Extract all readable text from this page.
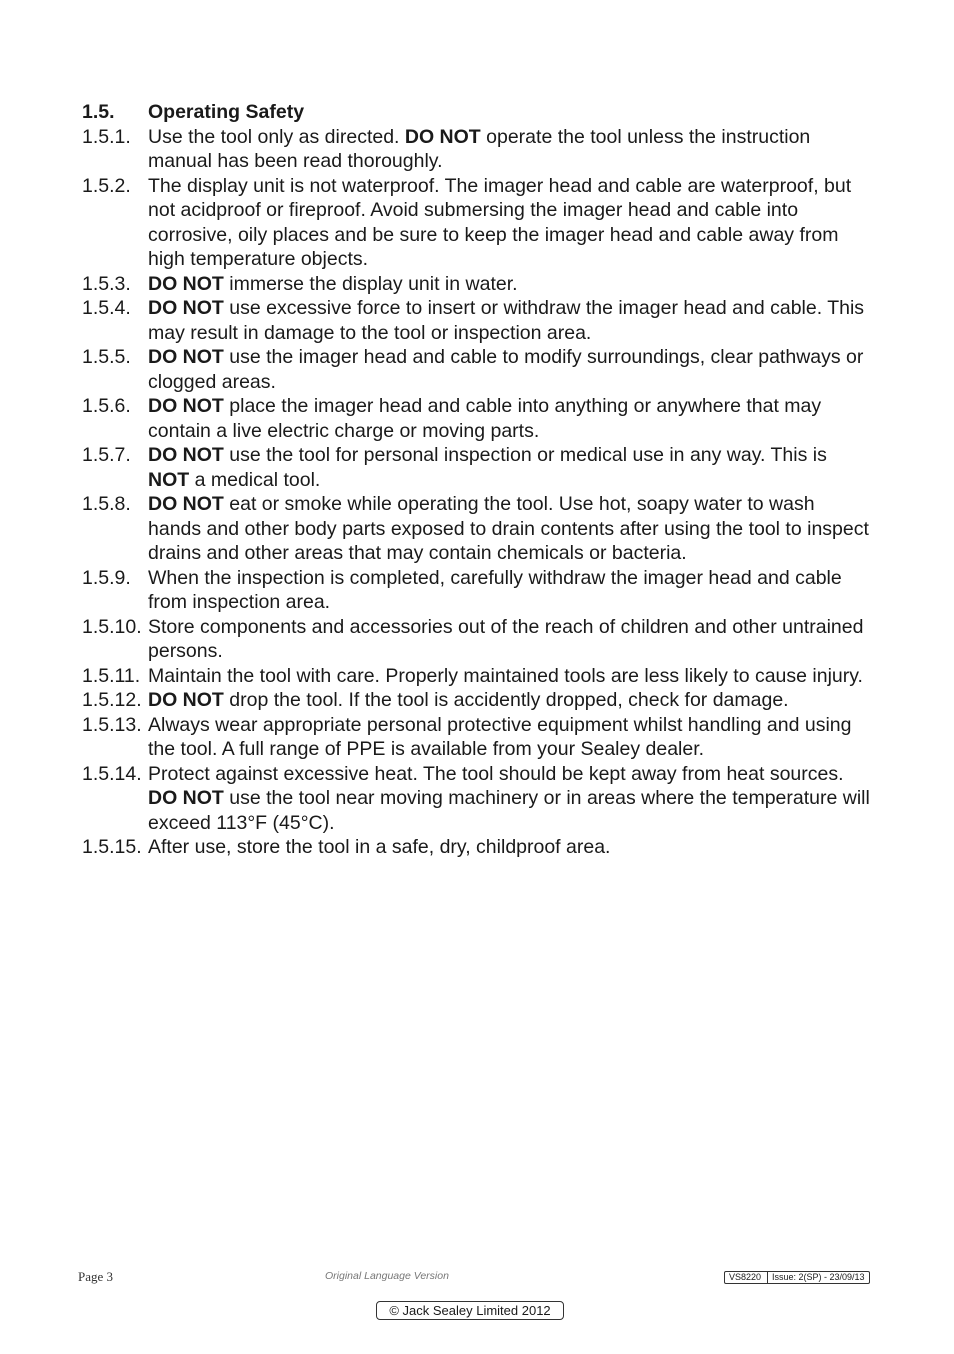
1.5.	Operating Safety
1.5.1. Use the tool only as directed. DO NOT operate the tool unless the instruction manual has been read thoroughly.
1.5.2. The display unit is not waterproof. The imager head and cable are waterproof, but not acidproof or fireproof. Avoid submersing the imager head and cable into corrosive, oily places and be sure to keep the imager head and cable away from high temperature objects.
1.5.3. DO NOT immerse the display unit in water.
1.5.4. DO NOT use excessive force to insert or withdraw the imager head and cable. This may result in damage to the tool or inspection area.
1.5.5. DO NOT use the imager head and cable to modify surroundings, clear pathways or clogged areas.
1.5.6. DO NOT place the imager head and cable into anything or anywhere that may contain a live electric charge or moving parts.
1.5.7. DO NOT use the tool for personal inspection or medical use in any way. This is NOT a medical tool.
1.5.8. DO NOT eat or smoke while operating the tool. Use hot, soapy water to wash hands and other body parts exposed to drain contents after using the tool to inspect drains and other areas that may contain chemicals or bacteria.
1.5.9. When the inspection is completed, carefully withdraw the imager head and cable from inspection area.
1.5.10. Store components and accessories out of the reach of children and other untrained persons.
1.5.11. Maintain the tool with care. Properly maintained tools are less likely to cause injury.
1.5.12. DO NOT drop the tool. If the tool is accidently dropped, check for damage.
1.5.13. Always wear appropriate personal protective equipment whilst handling and using the tool. A full range of PPE is available from your Sealey dealer.
1.5.14. Protect against excessive heat. The tool should be kept away from heat sources. DO NOT use the tool near moving machinery or in areas where the temperature will exceed 113°F (45°C).
1.5.15. After use, store the tool in a safe, dry, childproof area.
Page 3	Original Language Version	VS8220	Issue: 2(SP) - 23/09/13
© Jack Sealey Limited 2012
